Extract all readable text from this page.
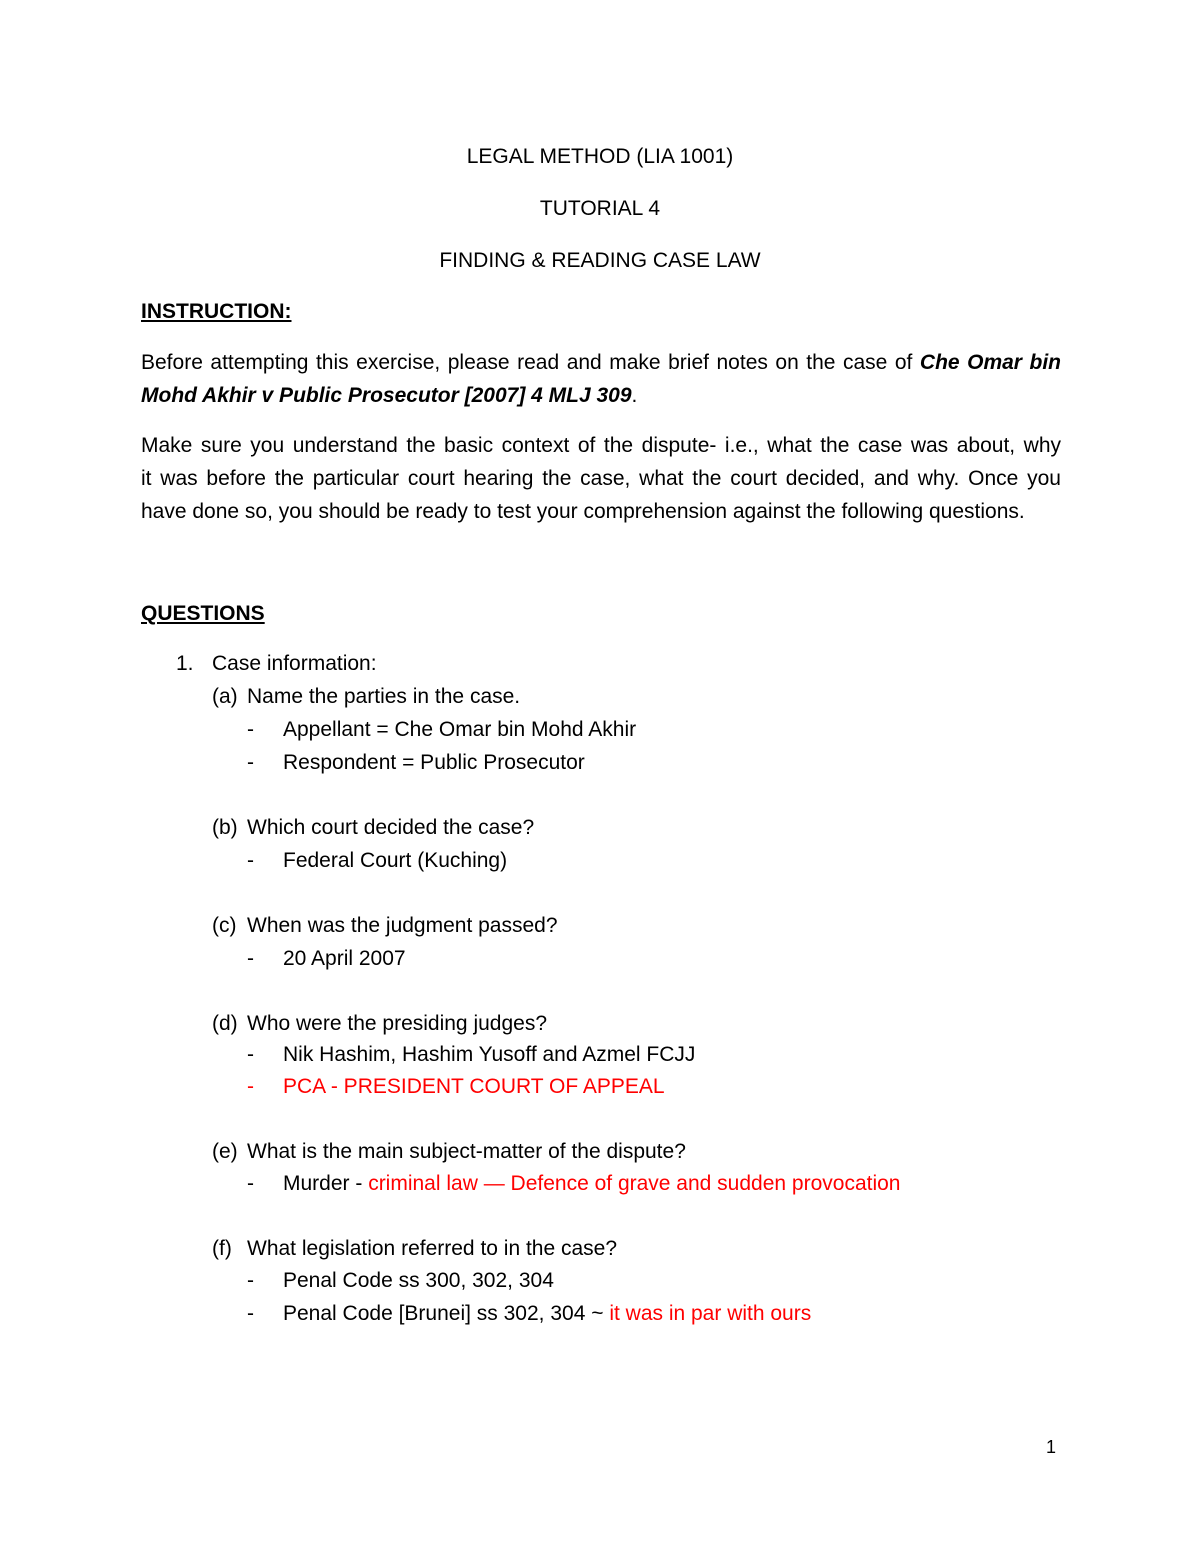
LEGAL METHOD (LIA 1001)
TUTORIAL 4
FINDING & READING CASE LAW
INSTRUCTION:
Before attempting this exercise, please read and make brief notes on the case of Che Omar bin
Mohd Akhir v Public Prosecutor [2007] 4 MLJ 309.
Make sure you understand the basic context of the dispute- i.e., what the case was about, why
it was before the particular court hearing the case, what the court decided, and why. Once you
have done so, you should be ready to test your comprehension against the following questions.
QUESTIONS
1. Case information:
(a) Name the parties in the case.
- Appellant = Che Omar bin Mohd Akhir
- Respondent = Public Prosecutor
(b) Which court decided the case?
- Federal Court (Kuching)
(c) When was the judgment passed?
- 20 April 2007
(d) Who were the presiding judges?
- Nik Hashim, Hashim Yusoff and Azmel FCJJ
- PCA - PRESIDENT COURT OF APPEAL
(e) What is the main subject-matter of the dispute?
- Murder - criminal law — Defence of grave and sudden provocation
(f) What legislation referred to in the case?
- Penal Code ss 300, 302, 304
- Penal Code [Brunei] ss 302, 304 ~ it was in par with ours
1
